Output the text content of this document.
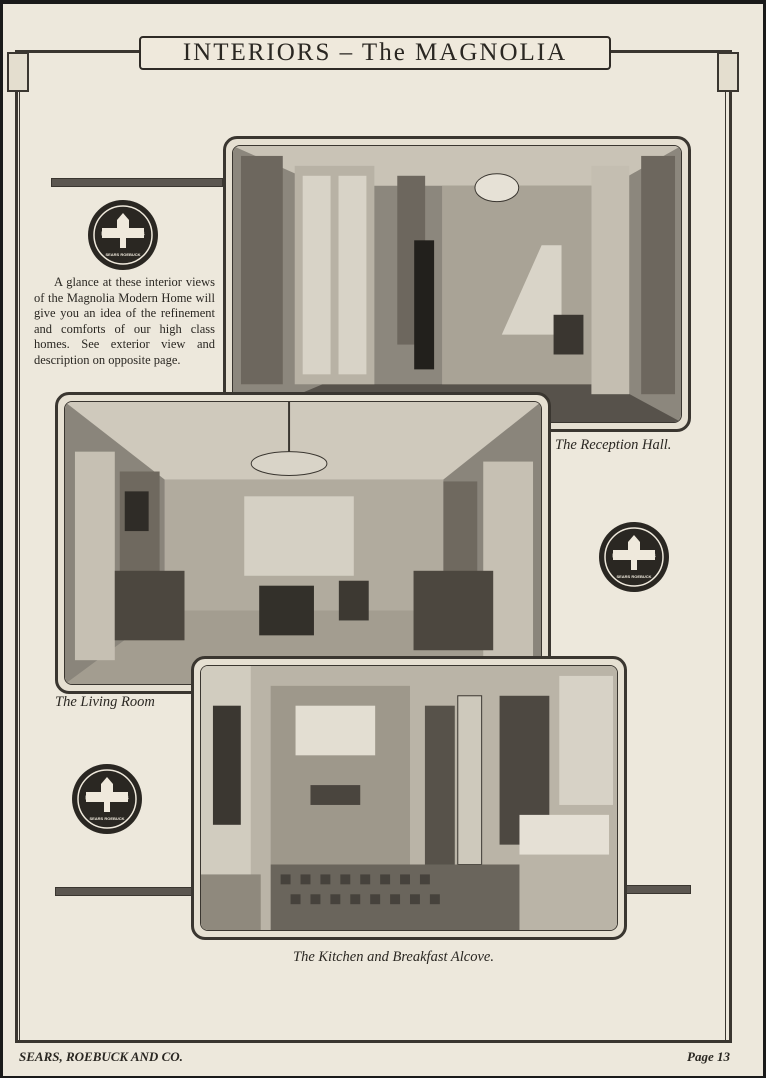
INTERIORS – The MAGNOLIA
MODERN HOMES
SEARS ROEBUCK
MODERN HOMES
SEARS ROEBUCK
MODERN HOMES
SEARS ROEBUCK

A glance at these interior views of the Magnolia Modern Home will give you an idea of the refinement and comforts of our high class homes. See exterior view and description on opposite page.

The Reception Hall.
The Living Room
The Kitchen and Breakfast Alcove.
SEARS, ROEBUCK AND CO.	Page 13
